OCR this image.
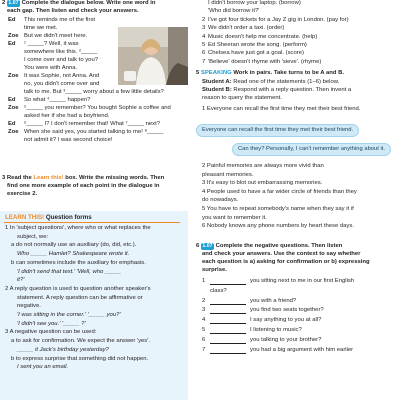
2 1.07 Complete the dialogue below. Write one word in
each gap. Then listen and check your answers.
Ed This reminds me of the first
time we met.
Zoe But we didn't meet here.
Ed ¹ _____? Well, it was
somewhere like this. ²_____
I come over and talk to you?
You were with Anna.
Zoe It was Sophie, not Anna. And
no, you didn't come over and
talk to me. But ³_____ worry about a few little details?
Ed So what ⁴_____ happen?
Zoe ⁵_____ you remember? You bought Sophie a coffee and
asked her if she had a boyfriend.
Ed ⁶_____ I? I don't remember that! What ⁷_____ next?
Zoe When she said yes, you started talking to me! ⁸_____
not admit it? I was second choice!
3 Read the Learn this! box. Write the missing words. Then
find one more example of each point in the dialogue in
exercise 2.
LEARN THIS! Question forms
1 In 'subject questions', where who or what replaces the
subject, we:
a do not normally use an auxiliary (do, did, etc.).
Who _____ Hamlet? Shakespeare wrote it.
b can sometimes include the auxiliary for emphasis.
'I didn't send that text.' 'Well, who _____
it?'
2 A reply question is used to question another speaker's
statement. A reply question can be affirmative or
negative.
'I was sitting in the corner.' '_____ you?'
'I didn't see you.' '_____ ?'
3 A negative question can be used:
a to ask for confirmation. We expect the answer 'yes'.
_____ it Jack's birthday yesterday?
b to express surprise that something did not happen.
I sent you an email.
I didn't borrow your laptop. (borrow)
'Who did borrow it?'
2 I've got four tickets for a Jay Z gig in London. (pay for)
3 We didn't order a taxi. (order)
4 Music doesn't help me concentrate. (help)
5 Ed Sheeran wrote the song. (perform)
6 Chelsea have just got a goal. (score)
7 'Believe' doesn't rhyme with 'sieve'. (rhyme)
5 SPEAKING Work in pairs. Take turns to be A and B.
Student A: Read one of the statements (1–6) below.
Student B: Respond with a reply question. Then invent a
reason to query the statement.
1 Everyone can recall the first time they met their best friend.
Everyone can recall the first time they met their best friend.
Can they? Personally, I can't remember anything about it.
2 Painful memories are always more vivid than
pleasant memories.
3 It's easy to blot out embarrassing memories.
4 People used to have a far wider circle of friends than they
do nowadays.
5 You have to repeat somebody's name when they say it if
you want to remember it.
6 Nobody knows any phone numbers by heart these days.
6 1.07 Complete the negative questions. Then listen
and check your answers. Use the context to say whether
each question is a) asking for confirmation or b) expressing
surprise.
1	you sitting next to me in our first English
class?
2	you with a friend?
3	you find two seats together?
4	I say anything to you at all?
5	I listening to music?
6	you talking to your brother?
7	you had a big argument with him earlier
